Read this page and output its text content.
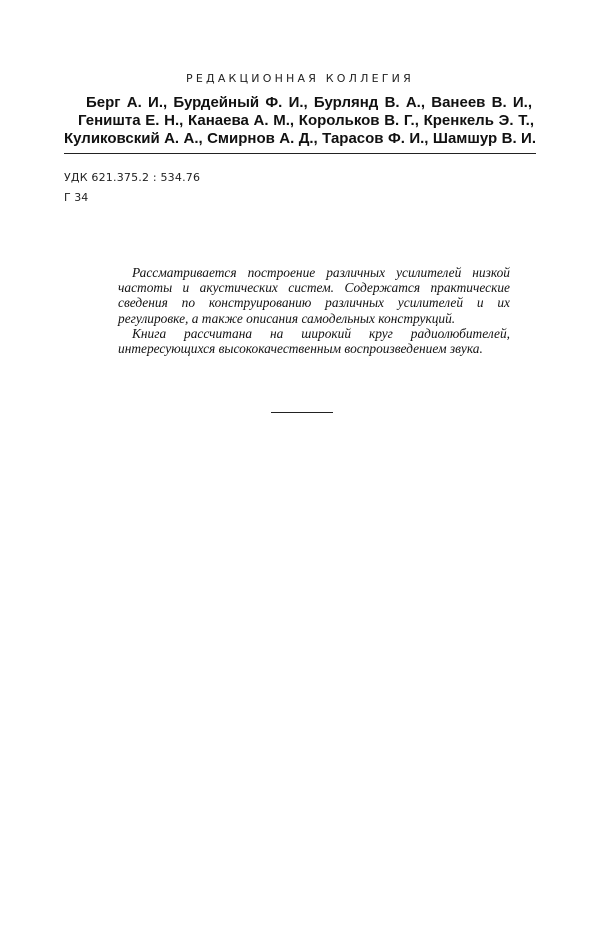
РЕДАКЦИОННАЯ КОЛЛЕГИЯ
Берг А. И., Бурдейный Ф. И., Бурлянд В. А., Ванеев В. И.,
Геништа Е. Н., Канаева А. М., Корольков В. Г., Кренкель Э. Т.,
Куликовский А. А., Смирнов А. Д., Тарасов Ф. И., Шамшур В. И.
УДК 621.375.2 : 534.76
Г 34

Рассматривается построение различных усилителей низкой частоты и акустических систем. Содержатся практические сведения по конструированию различных усилителей и их регулировке, а также описания самодельных конструкций.

Книга рассчитана на широкий круг радиолюбителей, интересующихся высококачественным воспроизведением звука.
